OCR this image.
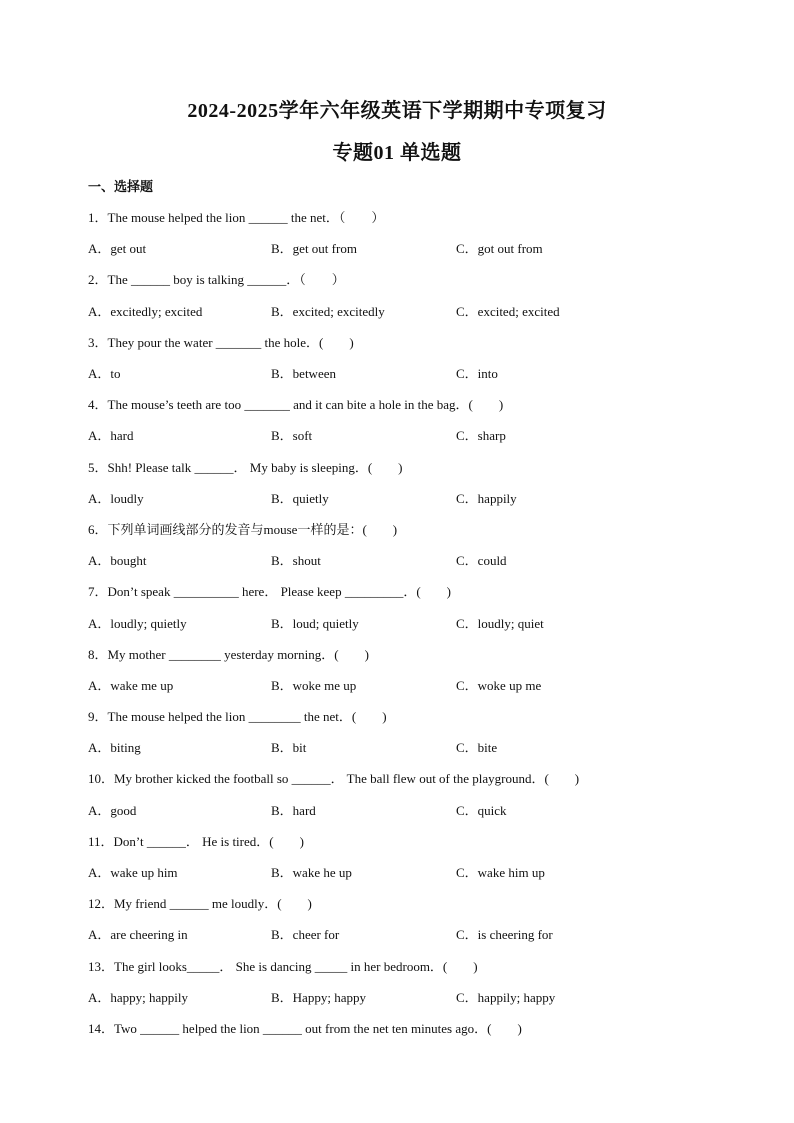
2024-2025学年六年级英语下学期期中专项复习
专题01 单选题
一、选择题
1．The mouse helped the lion ______ the net．（　　）
A．get out	B．get out from	C．got out from
2．The ______ boy is talking ______．（　　）
A．excitedly; excited	B．excited; excitedly	C．excited; excited
3．They pour the water _______ the hole．(　　)
A．to	B．between	C．into
4．The mouse’s teeth are too _______ and it can bite a hole in the bag．(　　)
A．hard	B．soft	C．sharp
5．Shh! Please talk ______． My baby is sleeping．(　　)
A．loudly	B．quietly	C．happily
6．下列单词画线部分的发音与mouse一样的是：(　　)
A．bought	B．shout	C．could
7．Don’t speak __________ here． Please keep _________．(　　)
A．loudly; quietly	B．loud; quietly	C．loudly; quiet
8．My mother ________ yesterday morning．(　　)
A．wake me up	B．woke me up	C．woke up me
9．The mouse helped the lion ________ the net．(　　)
A．biting	B．bit	C．bite
10．My brother kicked the football so ______． The ball flew out of the playground．(　　)
A．good	B．hard	C．quick
11．Don’t ______． He is tired．(　　)
A．wake up him	B．wake he up	C．wake him up
12．My friend ______ me loudly．(　　)
A．are cheering in	B．cheer for	C．is cheering for
13．The girl looks_____． She is dancing _____ in her bedroom．(　　)
A．happy; happily	B．Happy; happy	C．happily; happy
14．Two ______ helped the lion ______ out from the net ten minutes ago．(　　)
